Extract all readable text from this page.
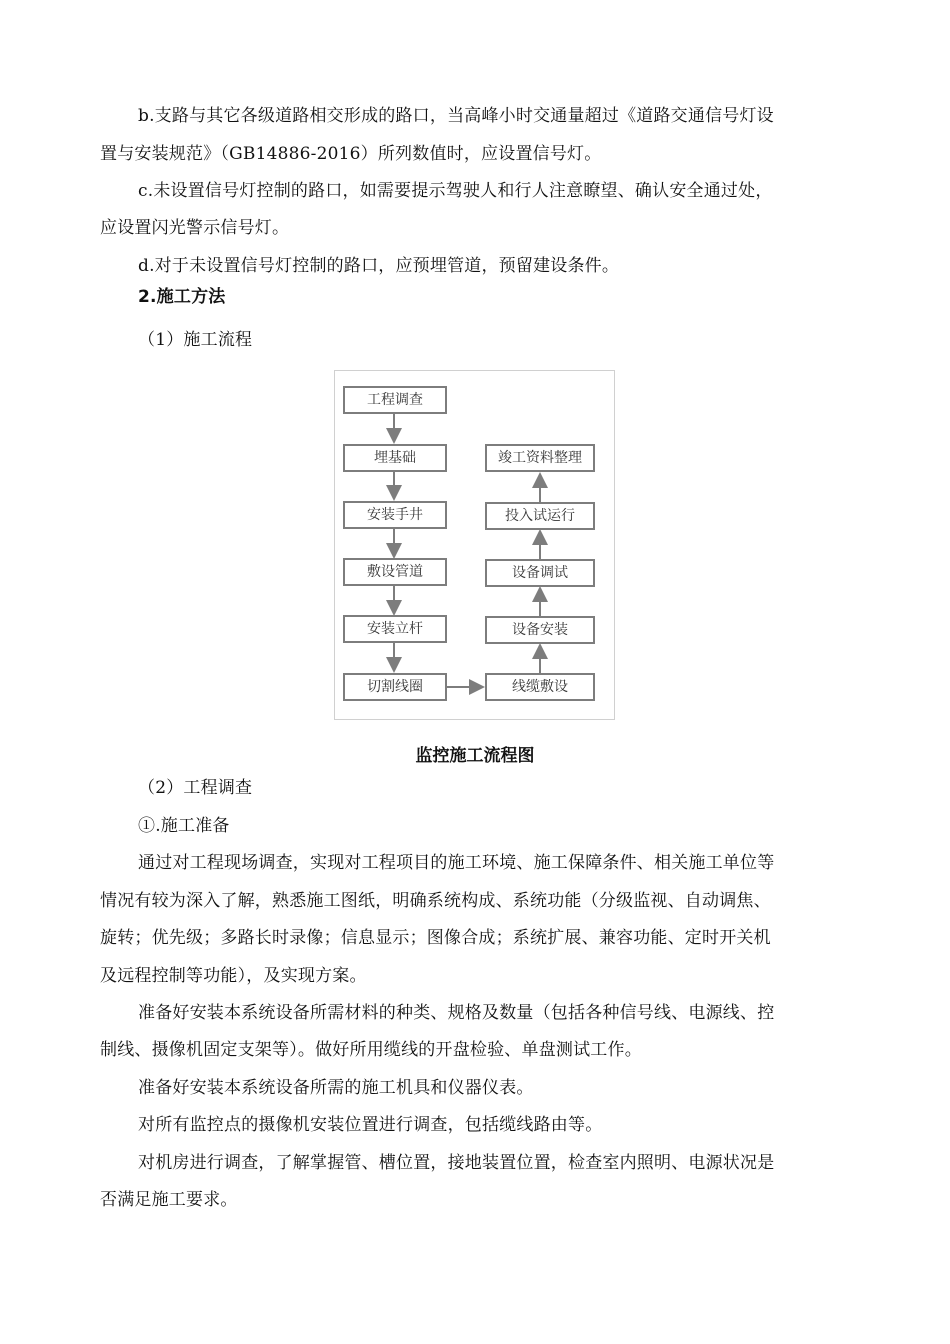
b.支路与其它各级道路相交形成的路口，当高峰小时交通量超过《道路交通信号灯设
置与安装规范》（GB14886-2016）所列数值时，应设置信号灯。
c.未设置信号灯控制的路口，如需要提示驾驶人和行人注意瞭望、确认安全通过处，
应设置闪光警示信号灯。
d.对于未设置信号灯控制的路口，应预埋管道，预留建设条件。
2.施工方法
（1）施工流程
工程调查
埋基础
安装手井
敷设管道
安装立杆
切割线圈
竣工资料整理
投入试运行
设备调试
设备安装
线缆敷设
监控施工流程图
（2）工程调查
①.施工准备
通过对工程现场调查，实现对工程项目的施工环境、施工保障条件、相关施工单位等
情况有较为深入了解，熟悉施工图纸，明确系统构成、系统功能（分级监视、自动调焦、
旋转；优先级；多路长时录像；信息显示；图像合成；系统扩展、兼容功能、定时开关机
及远程控制等功能），及实现方案。
准备好安装本系统设备所需材料的种类、规格及数量（包括各种信号线、电源线、控
制线、摄像机固定支架等）。做好所用缆线的开盘检验、单盘测试工作。
准备好安装本系统设备所需的施工机具和仪器仪表。
对所有监控点的摄像机安装位置进行调查，包括缆线路由等。
对机房进行调查，了解掌握管、槽位置，接地装置位置，检查室内照明、电源状况是
否满足施工要求。
